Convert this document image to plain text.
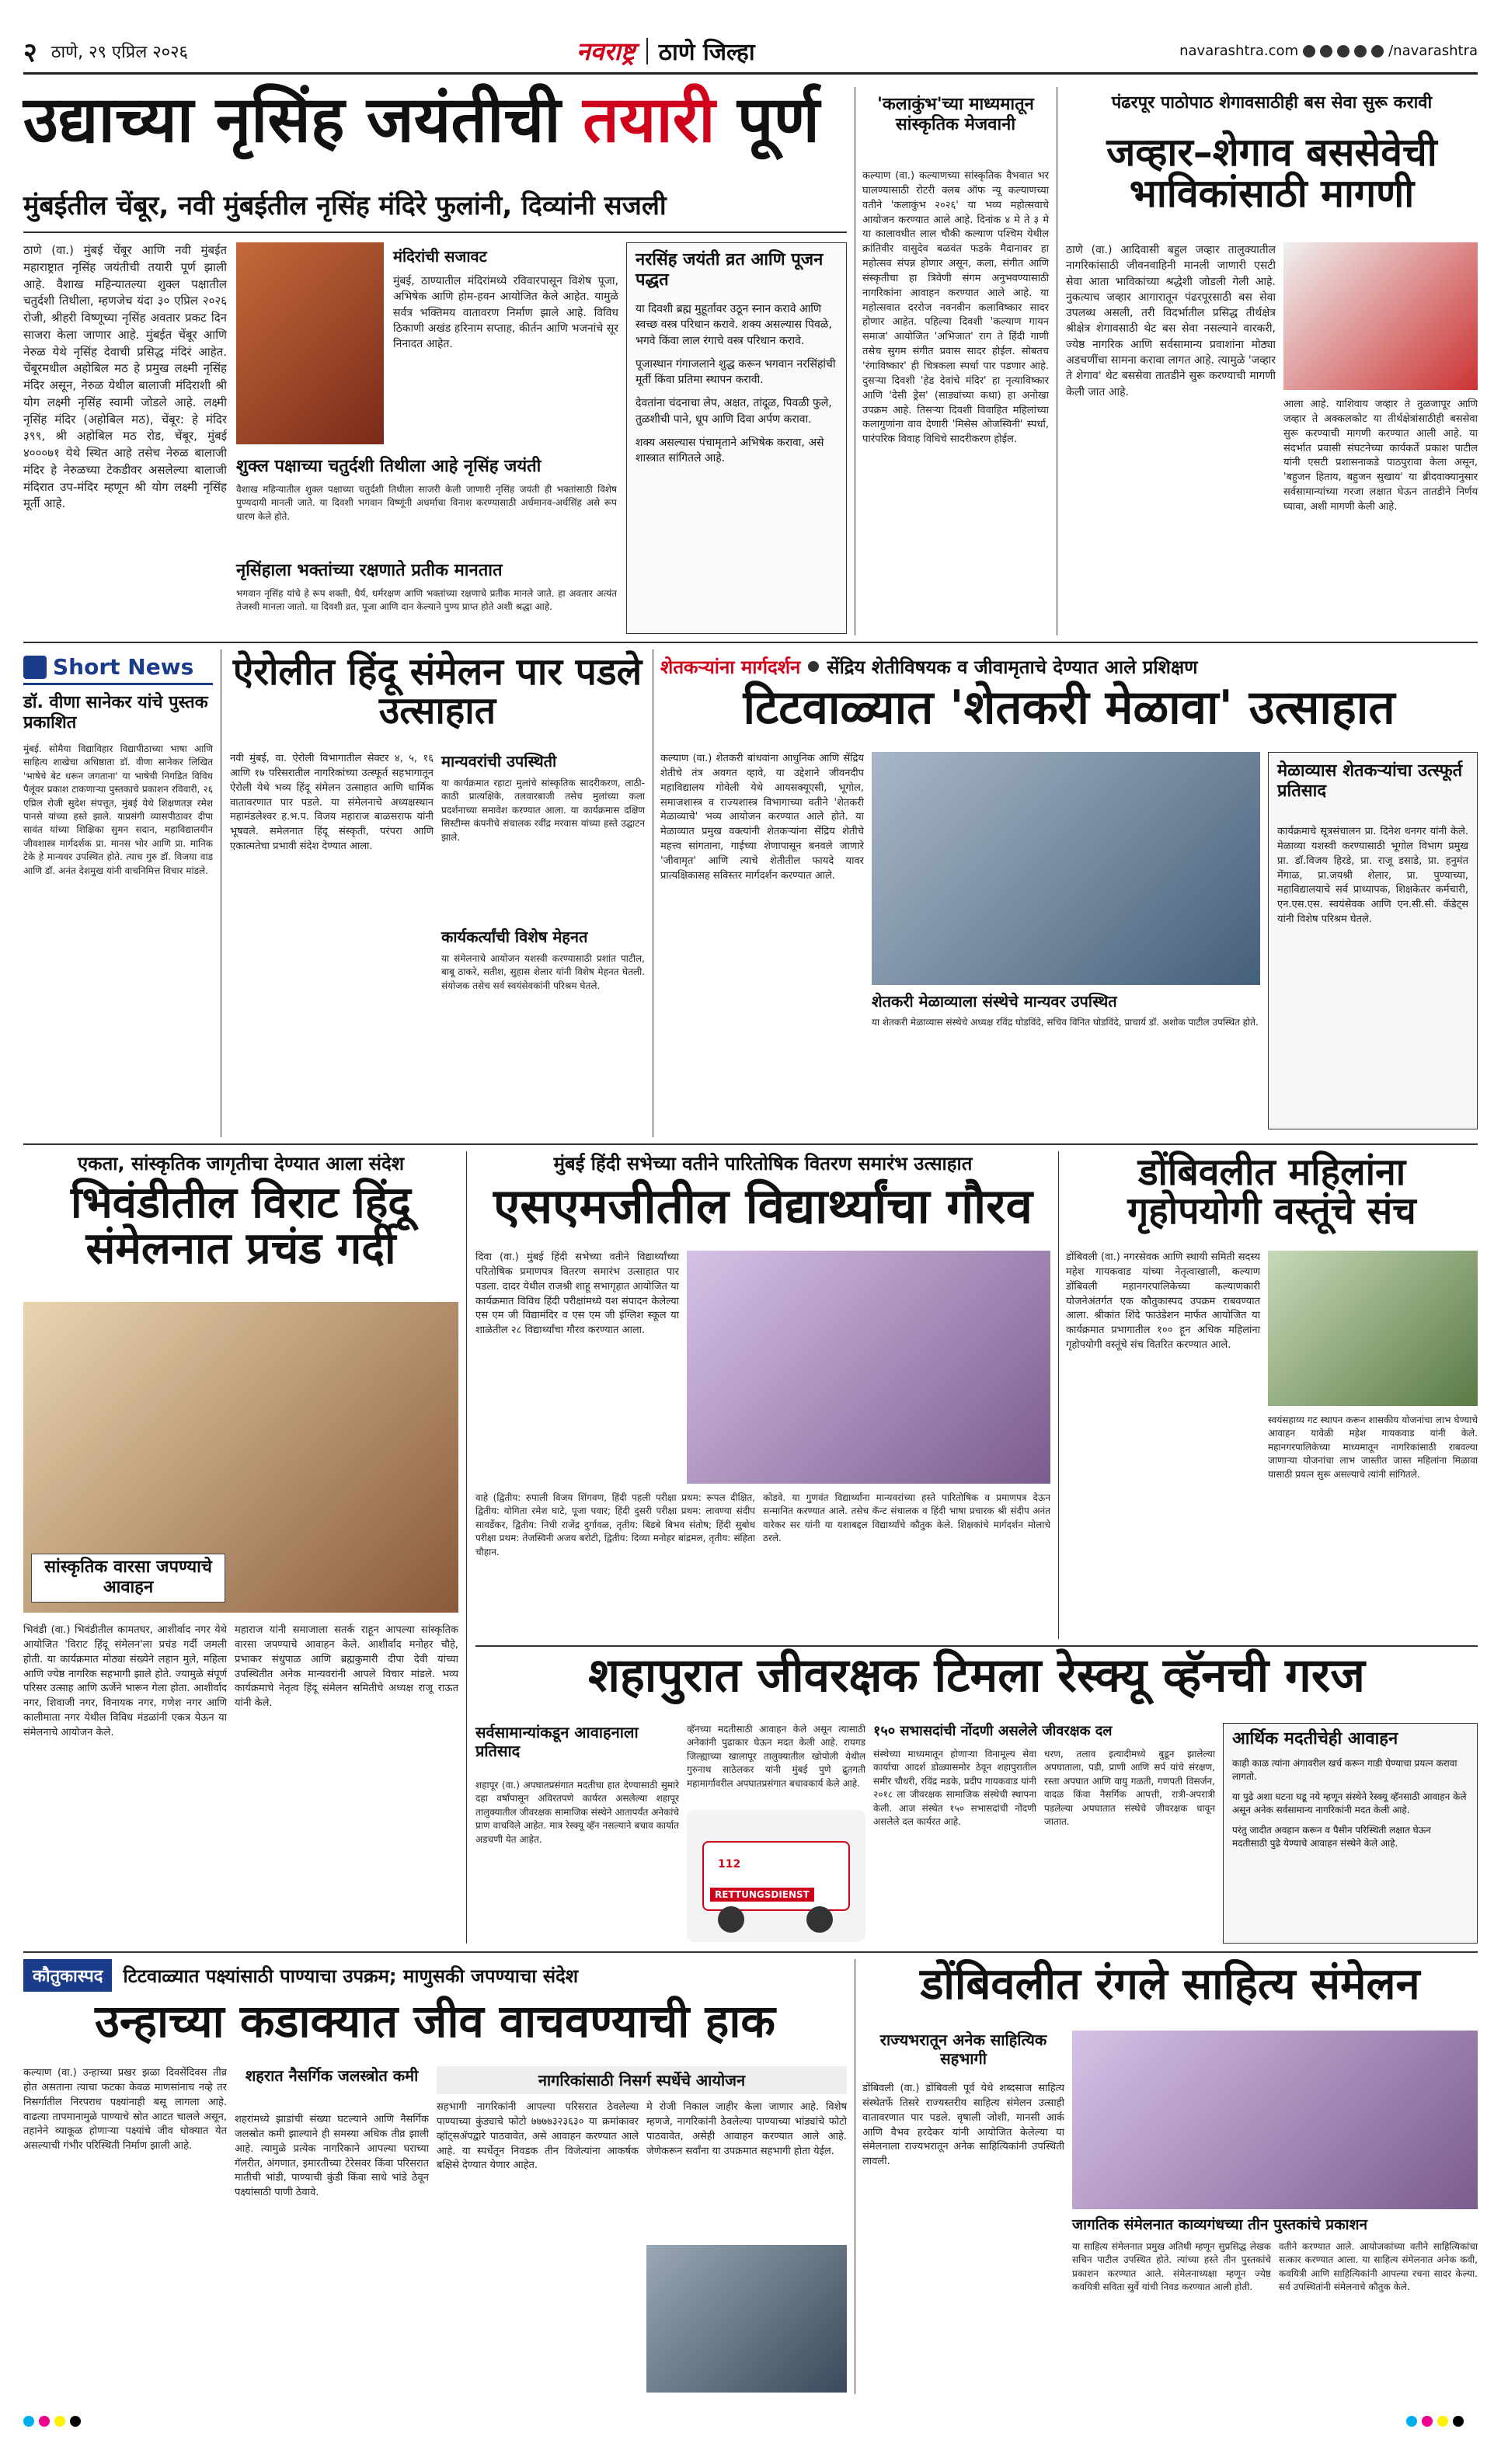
२ ठाणे, २९ एप्रिल २०२६	नवराष्ट्र ठाणे जिल्हा	navarashtra.com	/navarashtra
उद्याच्या नृसिंह जयंतीची तयारी पूर्ण
मुंबईतील चेंबूर, नवी मुंबईतील नृसिंह मंदिरे फुलांनी, दिव्यांनी सजली
ठाणे (वा.) मुंबई चेंबूर आणि नवी मुंबईत महाराष्ट्रात नृसिंह जयंतीची तयारी पूर्ण झाली आहे. वैशाख महिन्यातल्या शुक्ल पक्षातील चतुर्दशी तिथीला, म्हणजेच यंदा ३० एप्रिल २०२६ रोजी, श्रीहरी विष्णूच्या नृसिंह अवतार प्रकट दिन साजरा केला जाणार आहे. मुंबईत चेंबूर आणि नेरुळ येथे नृसिंह देवाची प्रसिद्ध मंदिरं आहेत. चेंबूरमधील अहोबिल मठ हे प्रमुख लक्ष्मी नृसिंह मंदिर असून, नेरुळ येथील बालाजी मंदिराशी श्री योग लक्ष्मी नृसिंह स्वामी जोडले आहे. लक्ष्मी नृसिंह मंदिर (अहोबिल मठ), चेंबूर: हे मंदिर ३९९, श्री अहोबिल मठ रोड, चेंबूर, मुंबई ४०००७१ येथे स्थित आहे तसेच नेरुळ बालाजी मंदिर हे नेरुळच्या टेकडीवर असलेल्या बालाजी मंदिरात उप-मंदिर म्हणून श्री योग लक्ष्मी नृसिंह मूर्ती आहे.
मंदिरांची सजावट
मुंबई, ठाण्यातील मंदिरांमध्ये रविवारपासून विशेष पूजा, अभिषेक आणि होम-हवन आयोजित केले आहेत. यामुळे सर्वत्र भक्तिमय वातावरण निर्माण झाले आहे. विविध ठिकाणी अखंड हरिनाम सप्ताह, कीर्तन आणि भजनांचे सूर निनादत आहेत.
शुक्ल पक्षाच्या चतुर्दशी तिथीला आहे नृसिंह जयंती
वैशाख महिन्यातील शुक्ल पक्षाच्या चतुर्दशी तिथीला साजरी केली जाणारी नृसिंह जयंती ही भक्तांसाठी विशेष पुण्यदायी मानली जाते. या दिवशी भगवान विष्णूंनी अधर्माचा विनाश करण्यासाठी अर्धमानव-अर्धसिंह असे रूप धारण केले होते.
नृसिंहाला भक्तांच्या रक्षणाते प्रतीक मानतात
भगवान नृसिंह यांचे हे रूप शक्ती, धैर्य, धर्मरक्षण आणि भक्तांच्या रक्षणाचे प्रतीक मानले जाते. हा अवतार अत्यंत तेजस्वी मानला जातो. या दिवशी व्रत, पूजा आणि दान केल्याने पुण्य प्राप्त होते अशी श्रद्धा आहे.
नरसिंह जयंती व्रत आणि पूजन पद्धत

या दिवशी ब्रह्म मुहूर्तावर उठून स्नान करावे आणि स्वच्छ वस्त्र परिधान करावे. शक्य असल्यास पिवळे, भगवे किंवा लाल रंगाचे वस्त्र परिधान करावे.

पूजास्थान गंगाजलाने शुद्ध करून भगवान नरसिंहांची मूर्ती किंवा प्रतिमा स्थापन करावी.

देवतांना चंदनाचा लेप, अक्षत, तांदूळ, पिवळी फुले, तुळशीची पाने, धूप आणि दिवा अर्पण करावा.

शक्य असल्यास पंचामृताने अभिषेक करावा, असे शास्त्रात सांगितले आहे.

'कलाकुंभ'च्या माध्यमातून सांस्कृतिक मेजवानी
कल्याण (वा.) कल्याणच्या सांस्कृतिक वैभवात भर घालण्यासाठी रोटरी क्लब ऑफ न्यू कल्याणच्या वतीने 'कलाकुंभ २०२६' या भव्य महोत्सवाचे आयोजन करण्यात आले आहे. दिनांक ४ मे ते ३ मे या कालावधीत लाल चौकी कल्याण पश्चिम येथील क्रांतिवीर वासुदेव बळवंत फडके मैदानावर हा महोत्सव संपन्न होणार असून, कला, संगीत आणि संस्कृतीचा हा त्रिवेणी संगम अनुभवण्यासाठी नागरिकांना आवाहन करण्यात आले आहे. या महोत्सवात दररोज नवनवीन कलाविष्कार सादर होणार आहेत. पहिल्या दिवशी 'कल्याण गायन समाज' आयोजित 'अभिजात' राग ते हिंदी गाणी तसेच सुगम संगीत प्रवास सादर होईल. सोबतच 'रंगाविष्कार' ही चित्रकला स्पर्धा पार पडणार आहे. दुसऱ्या दिवशी 'हेड देवांचे मंदिर' हा नृत्याविष्कार आणि 'देसी ड्रेस' (साड्यांच्या कथा) हा अनोखा उपक्रम आहे. तिसऱ्या दिवशी विवाहित महिलांच्या कलागुणांना वाव देणारी 'मिसेस ओजस्विनी' स्पर्धा, पारंपरिक विवाह विधिचे सादरीकरण होईल.
पंढरपूर पाठोपाठ शेगावसाठीही बस सेवा सुरू करावी
जव्हार–शेगाव बससेवेची भाविकांसाठी मागणी
ठाणे (वा.) आदिवासी बहुल जव्हार तालुक्यातील नागरिकांसाठी जीवनवाहिनी मानली जाणारी एसटी सेवा आता भाविकांच्या श्रद्धेशी जोडली गेली आहे. नुकत्याच जव्हार आगारातून पंढरपूरसाठी बस सेवा उपलब्ध असली, तरी विदर्भातील प्रसिद्ध तीर्थक्षेत्र श्रीक्षेत्र शेगावसाठी थेट बस सेवा नसल्याने वारकरी, ज्येष्ठ नागरिक आणि सर्वसामान्य प्रवाशांना मोठ्या अडचणींचा सामना करावा लागत आहे. त्यामुळे 'जव्हार ते शेगाव' थेट बससेवा तातडीने सुरू करण्याची मागणी केली जात आहे.
आला आहे. याशिवाय जव्हार ते तुळजापूर आणि जव्हार ते अक्कलकोट या तीर्थक्षेत्रांसाठीही बससेवा सुरू करण्याची मागणी करण्यात आली आहे. या संदर्भात प्रवासी संघटनेच्या कार्यकर्ते प्रकाश पाटील यांनी एसटी प्रशासनाकडे पाठपुरावा केला असून, 'बहुजन हिताय, बहुजन सुखाय' या ब्रीदवाक्यानुसार सर्वसामान्यांच्या गरजा लक्षात घेऊन तातडीने निर्णय घ्यावा, अशी मागणी केली आहे.
Short News
डॉ. वीणा सानेकर यांचे पुस्तक प्रकाशित
मुंबई. सोमैया विद्याविहार विद्यापीठाच्या भाषा आणि साहित्य शाखेचा अधिष्ठाता डॉ. वीणा सानेकर लिखित 'भाषेचे बेट धरून जगताना' या भाषेची निगडित विविध पैलूंवर प्रकाश टाकणाऱ्या पुस्तकाचे प्रकाशन रविवारी, २६ एप्रिल रोजी सुदेश संपत्तूत, मुंबई येथे शिक्षणतज्ञ रमेश पानसे यांच्या हस्ते झाले. याप्रसंगी व्यासपीठावर दीपा सावंत यांच्या शिक्षिका सुमन सदान, महाविद्यालयीन जीवशास्त्र मार्गदर्शक प्रा. मानस भोर आणि प्रा. मानिक टेके हे मान्यवर उपस्थित होते. त्याच गुरु डॉ. विजया वाड आणि डॉ. अनंत देशमुख यांनी वाचनिमित्त विचार मांडले.
ऐरोलीत हिंदू संमेलन पार पडले उत्साहात
नवी मुंबई, वा. ऐरोली विभागातील सेक्टर ४, ५, १६ आणि १७ परिसरातील नागरिकांच्या उत्स्फूर्त सहभागातून ऐरोली येथे भव्य हिंदू संमेलन उत्साहात आणि धार्मिक वातावरणात पार पडले. या संमेलनाचे अध्यक्षस्थान महामंडलेश्वर ह.भ.प. विजय महाराज बाळसराफ यांनी भूषवले. समेलनात हिंदू संस्कृती, परंपरा आणि एकात्मतेचा प्रभावी संदेश देण्यात आला.
मान्यवरांची उपस्थिती
या कार्यक्रमात रहाटा मुलांचे सांस्कृतिक सादरीकरण, लाठी-काठी प्रात्यक्षिके, तलवारबाजी तसेच मुलांच्या कला प्रदर्शनाच्या समावेश करण्यात आला. या कार्यक्रमास दक्षिण सिस्टीम्स कंपनीचे संचालक रवींद्र मरवास यांच्या हस्ते उद्घाटन झाले.
कार्यकर्त्यांची विशेष मेहनत
या संमेलनाचे आयोजन यशस्वी करण्यासाठी प्रशांत पाटील, बाबू ठाकरे, सतीश, सुहास शेलार यांनी विशेष मेहनत घेतली. संयोजक तसेच सर्व स्वयंसेवकांनी परिश्रम घेतले.
शेतकऱ्यांना मार्गदर्शन सेंद्रिय शेतीविषयक व जीवामृताचे देण्यात आले प्रशिक्षण
टिटवाळ्यात 'शेतकरी मेळावा' उत्साहात
कल्याण (वा.) शेतकरी बांधवांना आधुनिक आणि सेंद्रिय शेतीचे तंत्र अवगत व्हावे, या उद्देशाने जीवनदीप महाविद्यालय गोवेली येथे आयसक्यूएसी, भूगोल, समाजशास्त्र व राज्यशास्त्र विभागाच्या वतीने 'शेतकरी मेळाव्याचे' भव्य आयोजन करण्यात आले होते. या मेळाव्यात प्रमुख वक्त्यांनी शेतकऱ्यांना सेंद्रिय शेतीचे महत्त्व सांगताना, गाईच्या शेणापासून बनवले जाणारे 'जीवामृत' आणि त्याचे शेतीतील फायदे यावर प्रात्यक्षिकासह सविस्तर मार्गदर्शन करण्यात आले.
शेतकरी मेळाव्याला संस्थेचे मान्यवर उपस्थित
या शेतकरी मेळाव्यास संस्थेचे अध्यक्ष रविंद्र घोडविंदे, सचिव विनित घोडविंदे, प्राचार्य डॉ. अशोक पाटील उपस्थित होते.
मेळाव्यास शेतकऱ्यांचा उत्स्फूर्त प्रतिसाद
कार्यक्रमाचे सूत्रसंचालन प्रा. दिनेश धनगर यांनी केले. मेळाव्या यशस्वी करण्यासाठी भूगोल विभाग प्रमुख प्रा. डॉ.विजय हिरडे, प्रा. राजू डसाडे, प्रा. हनुमंत मेंगाळ, प्रा.जयश्री शेलार, प्रा. पुण्याच्या, महाविद्यालयाचे सर्व प्राध्यापक, शिक्षकेतर कर्मचारी, एन.एस.एस. स्वयंसेवक आणि एन.सी.सी. कॅडेट्स यांनी विशेष परिश्रम घेतले.
एकता, सांस्कृतिक जागृतीचा देण्यात आला संदेश
भिवंडीतील विराट हिंदू संमेलनात प्रचंड गर्दी
सांस्कृतिक वारसा जपण्याचे आवाहन
भिवंडी (वा.) भिवंडीतील कामतघर, आशीर्वाद नगर येथे आयोजित 'विराट हिंदू संमेलन'ला प्रचंड गर्दी जमली होती. या कार्यक्रमात मोठ्या संख्येने लहान मुले, महिला आणि ज्येष्ठ नागरिक सहभागी झाले होते. ज्यामुळे संपूर्ण परिसर उत्साह आणि ऊर्जेने भारून गेला होता. आशीर्वाद नगर, शिवाजी नगर, विनायक नगर, गणेश नगर आणि कालीमाता नगर येथील विविध मंडळांनी एकत्र येऊन या संमेलनाचे आयोजन केले.
महाराज यांनी समाजाला सतर्क राहून आपल्या सांस्कृतिक वारसा जपण्याचे आवाहन केले. आशीर्वाद मनोहर चौहे, प्रभाकर संधुपाळ आणि ब्रह्मकुमारी दीपा देवी यांच्या उपस्थितीत अनेक मान्यवरांनी आपले विचार मांडले. भव्य कार्यक्रमाचे नेतृत्व हिंदू संमेलन समितीचे अध्यक्ष राजू राऊत यांनी केले.
मुंबई हिंदी सभेच्या वतीने पारितोषिक वितरण समारंभ उत्साहात
एसएमजीतील विद्यार्थ्यांचा गौरव
दिवा (वा.) मुंबई हिंदी सभेच्या वतीने विद्यार्थ्यांच्या परितोषिक प्रमाणपत्र वितरण समारंभ उत्साहात पार पडला. दादर येथील राजश्री शाहू सभागृहात आयोजित या कार्यक्रमात विविध हिंदी परीक्षांमध्ये यश संपादन केलेल्या एस एम जी विद्यामंदिर व एस एम जी इंग्लिश स्कूल या शाळेतील २८ विद्यार्थ्यांचा गौरव करण्यात आला.
वाहे (द्वितीय: रुपाली विजय शिंगवण, हिंदी पहली परीक्षा प्रथम: रूपल दीक्षित, द्वितीय: योगिता रमेश घाटे, पूजा पवार; हिंदी दुसरी परीक्षा प्रथम: लावण्या संदीप सावर्डेकर, द्वितीय: निधी राजेंद्र दुर्गावळ, तृतीय: बिडबे बिभव संतोष; हिंदी सुबोध परीक्षा प्रथम: तेजस्विनी अजय बरोटी, द्वितीय: दिव्या मनोहर बांद्रमल, तृतीय: संहिता चौहान.
कोडवे. या गुणवंत विद्यार्थ्यांना मान्यवरांच्या हस्ते पारितोषिक व प्रमाणपत्र देऊन सन्मानित करण्यात आले. तसेच कॅन्ट संचालक व हिंदी भाषा प्रचारक श्री संदीप अनंत वारेकर सर यांनी या यशाबद्दल विद्यार्थ्यांचे कौतुक केले. शिक्षकांचे मार्गदर्शन मोलाचे ठरले.
डोंबिवलीत महिलांना गृहोपयोगी वस्तूंचे संच
डोंबिवली (वा.) नगरसेवक आणि स्थायी समिती सदस्य महेश गायकवाड यांच्या नेतृत्वाखाली, कल्याण डोंबिवली महानगरपालिकेच्या कल्याणकारी योजनेअंतर्गत एक कौतुकास्पद उपक्रम राबवण्यात आला. श्रीकांत शिंदे फाउंडेशन मार्फत आयोजित या कार्यक्रमात प्रभागातील १०० हून अधिक महिलांना गृहोपयोगी वस्तूंचे संच वितरित करण्यात आले.
स्वयंसहाय्य गट स्थापन करून शासकीय योजनांचा लाभ घेण्याचे आवाहन यावेळी महेश गायकवाड यांनी केले. महानगरपालिकेच्या माध्यमातून नागरिकांसाठी राबवल्या जाणाऱ्या योजनांचा लाभ जास्तीत जास्त महिलांना मिळावा यासाठी प्रयत्न सुरू असल्याचे त्यांनी सांगितले.
शहापुरात जीवरक्षक टिमला रेस्क्यू व्हॅनची गरज
सर्वसामान्यांकडून आवाहनाला प्रतिसाद
शहापूर (वा.) अपघातप्रसंगात मदतीचा हात देण्यासाठी सुमारे दहा वर्षांपासून अविरतपणे कार्यरत असलेल्या शहापूर तालुक्यातील जीवरक्षक सामाजिक संस्थेने आतापर्यंत अनेकांचे प्राण वाचविले आहेत. मात्र रेस्क्यू व्हॅन नसल्याने बचाव कार्यात अडचणी येत आहेत.
व्हॅनच्या मदतीसाठी आवाहन केले असून त्यासाठी अनेकांनी पुढाकार घेऊन मदत केली आहे. रायगड जिल्ह्याच्या खालापूर तालुक्यातील खोपोली येथील गुरुनाथ साठेलकर यांनी मुंबई पुणे द्रुतगती महामार्गावरील अपघातप्रसंगात बचावकार्य केले आहे.
112
RETTUNGSDIENST
१५० सभासदांची नोंदणी असलेले जीवरक्षक दल
संस्थेच्या माध्यमातून होणाऱ्या विनामूल्य सेवा कार्याचा आदर्श डोळ्यासमोर ठेवून शहापुरातील समीर चौधरी, रविंद्र मडके, प्रदीप गायकवाड यांनी २०१८ ला जीवरक्षक सामाजिक संस्थेची स्थापना केली. आज संस्थेत १५० सभासदांची नोंदणी असलेले दल कार्यरत आहे.
धरण, तलाव इत्यादीमध्ये बुडून झालेल्या अपघाताला, पडी, प्राणी आणि सर्प यांचे संरक्षण, रस्ता अपघात आणि वायु गळती, गणपती विसर्जन, वादळ किंवा नैसर्गिक आपत्ती, रात्री-अपरात्री पडलेल्या अपघातात संस्थेचे जीवरक्षक धावून जातात.
आर्थिक मदतीचेही आवाहन

काही काळ त्यांना अंगावरील खर्च करून गाडी घेण्याचा प्रयत्न करावा लागतो.

या पुढे अशा घटना घडू नये म्हणून संस्थेने रेस्क्यू व्हॅनसाठी आवाहन केले असून अनेक सर्वसामान्य नागरिकांनी मदत केली आहे.

परंतु जादीत अवहान करून व पैसीन परिस्थिती लक्षात घेऊन मदतीसाठी पुढे येण्याचे आवाहन संस्थेने केले आहे.

कौतुकास्पद	टिटवाळ्यात पक्ष्यांसाठी पाण्याचा उपक्रम; माणुसकी जपण्याचा संदेश
उन्हाच्या कडाक्यात जीव वाचवण्याची हाक
कल्याण (वा.) उन्हाच्या प्रखर झळा दिवसेंदिवस तीव्र होत असताना त्याचा फटका केवळ माणसांनाच नव्हे तर निसर्गातील निरपराध पक्ष्यांनाही बसू लागला आहे. वाढत्या तापमानामुळे पाण्याचे स्रोत आटत चालले असून, तहानेने व्याकूळ होणाऱ्या पक्ष्यांचे जीव धोक्यात येत असल्याची गंभीर परिस्थिती निर्माण झाली आहे.
शहरात नैसर्गिक जलस्त्रोत कमी
शहरांमध्ये झाडांची संख्या घटल्याने आणि नैसर्गिक जलस्रोत कमी झाल्याने ही समस्या अधिक तीव्र झाली आहे. त्यामुळे प्रत्येक नागरिकाने आपल्या घराच्या गॅलरीत, अंगणात, इमारतीच्या टेरेसवर किंवा परिसरात मातीची भांडी, पाण्याची कुंडी किंवा साधे भांडे ठेवून पक्ष्यांसाठी पाणी ठेवावे.
नागरिकांसाठी निसर्ग स्पर्धेचे आयोजन
सहभागी नागरिकांनी आपल्या परिसरात ठेवलेल्या पाण्याच्या कुंड्याचे फोटो ७७७७३२३६३० या क्रमांकावर व्हॉट्सॲपद्वारे पाठवावेत, असे आवाहन करण्यात आले आहे. या स्पर्धेतून निवडक तीन विजेत्यांना आकर्षक बक्षिसे देण्यात येणार आहेत.
मे रोजी निकाल जाहीर केला जाणार आहे. विशेष म्हणजे, नागरिकांनी ठेवलेल्या पाण्याच्या भांड्यांचे फोटो पाठवावेत, असेही आवाहन करण्यात आले आहे. जेणेकरून सर्वांना या उपक्रमात सहभागी होता येईल.
डोंबिवलीत रंगले साहित्य संमेलन
राज्यभरातून अनेक साहित्यिक सहभागी
डोंबिवली (वा.) डोंबिवली पूर्व येथे शब्दसाज साहित्य संस्थेतर्फे तिसरे राज्यस्तरीय साहित्य संमेलन उत्साही वातावरणात पार पडले. वृषाली जोशी, मानसी आर्क आणि वैभव हरदेकर यांनी आयोजित केलेल्या या संमेलनाला राज्यभरातून अनेक साहित्यिकांनी उपस्थिती लावली.
जागतिक संमेलनात काव्यगंधच्या तीन पुस्तकांचे प्रकाशन
या साहित्य संमेलनात प्रमुख अतिथी म्हणून सुप्रसिद्ध लेखक सचिन पाटील उपस्थित होते. त्यांच्या हस्ते तीन पुस्तकांचे प्रकाशन करण्यात आले. संमेलनाध्यक्षा म्हणून ज्येष्ठ कवयित्री सविता सुर्वे यांची निवड करण्यात आली होती.
वतीने करण्यात आले. आयोजकांच्या वतीने साहित्यिकांचा सत्कार करण्यात आला. या साहित्य संमेलनात अनेक कवी, कवयित्री आणि साहित्यिकांनी आपल्या रचना सादर केल्या. सर्व उपस्थितांनी संमेलनाचे कौतुक केले.
